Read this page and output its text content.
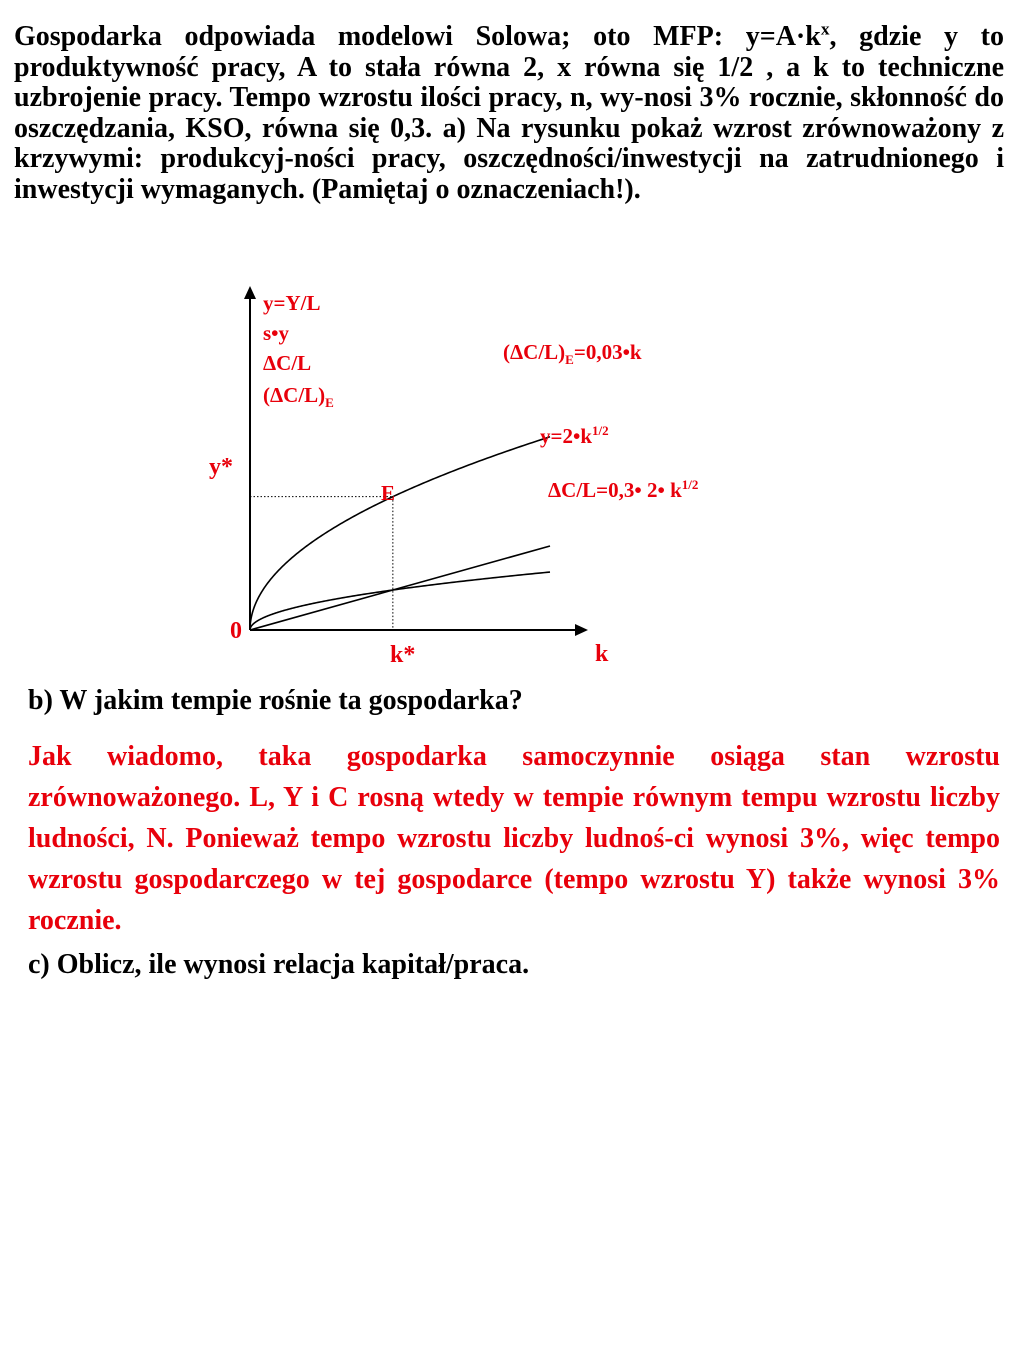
Gospodarka odpowiada modelowi Solowa; oto MFP: $y=A\cdot k^x$, gdzie y to produktywność pracy, A to stała równa 2, x równa się 1/2 , a k to techniczne uzbrojenie pracy. Tempo wzrostu ilości pracy, n, wy-nosi 3% rocznie, skłonność do oszczędzania, KSO, równa się 0,3. a) Na rysunku pokaż wzrost zrównoważony z krzywymi: produkcyj-ności pracy, oszczędności/inwestycji na zatrudnionego i inwestycji wymaganych. (Pamiętaj o oznaczeniach!).

y=Y/L
s•y
ΔC/L
$(\Delta C/L)_E$
$(\Delta C/L)_E=0,03•k$
$y=2•k^{1/2}$
ΔC/L=0,3• 2• $k^{1/2}$
y*
E
0
k*	k

b) W jakim tempie rośnie ta gospodarka?

Jak wiadomo, taka gospodarka samoczynnie osiąga stan wzrostu zrównoważonego. L, Y i C rosną wtedy w tempie równym tempu wzrostu liczby ludności, N. Ponieważ tempo wzrostu liczby ludnoś-ci wynosi 3%, więc tempo wzrostu gospodarczego w tej gospodarce (tempo wzrostu Y) także wynosi 3% rocznie.

c) Oblicz, ile wynosi relacja kapitał/praca.
